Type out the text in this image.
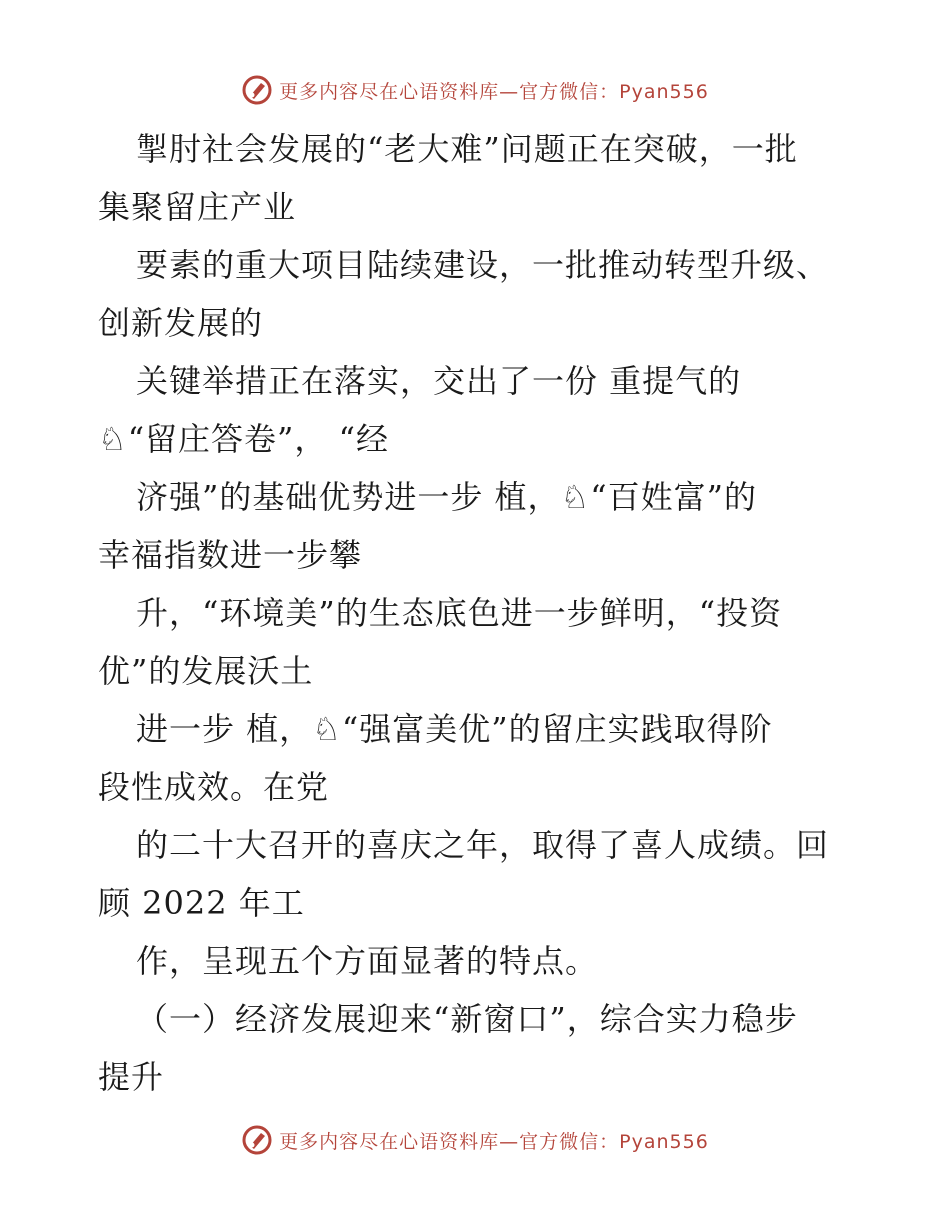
更多内容尽在心语资料库—官方微信：Pyan556
掣肘社会发展的“老大难”问题正在突破，一批
集聚留庄产业
要素的重大项目陆续建设，一批推动转型升级、
创新发展的
关键举措正在落实，交出了一份 重提气的
♘“留庄答卷”， “经
济强”的基础优势进一步 植，♘“百姓富”的
幸福指数进一步攀
升，“环境美”的生态底色进一步鲜明，“投资
优”的发展沃土
进一步 植，♘“强富美优”的留庄实践取得阶
段性成效。在党
的二十大召开的喜庆之年，取得了喜人成绩。回
顾 2022 年工
作，呈现五个方面显著的特点。
（一）经济发展迎来“新窗口”，综合实力稳步
提升
更多内容尽在心语资料库—官方微信：Pyan556
